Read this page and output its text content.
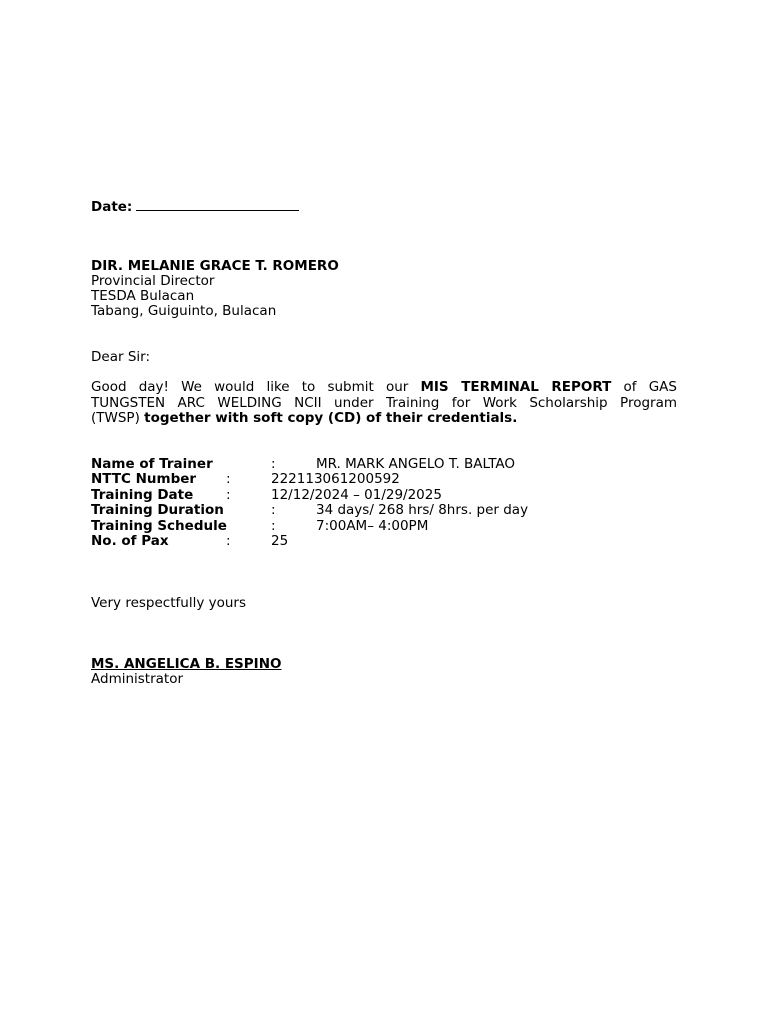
Date:
DIR. MELANIE GRACE T. ROMERO
Provincial Director
TESDA Bulacan
Tabang, Guiguinto, Bulacan
Dear Sir:
Good day! We would like to submit our MIS TERMINAL REPORT of GAS
TUNGSTEN ARC WELDING NCII under Training for Work Scholarship Program
(TWSP) together with soft copy (CD) of their credentials.
Name of Trainer	:	MR. MARK ANGELO T. BALTAO
NTTC Number :	222113061200592
Training Date :	12/12/2024 – 01/29/2025
Training Duration	:	34 days/ 268 hrs/ 8hrs. per day
Training Schedule	:	7:00AM– 4:00PM
No. of Pax	:	25
Very respectfully yours
MS. ANGELICA B. ESPINO
Administrator
